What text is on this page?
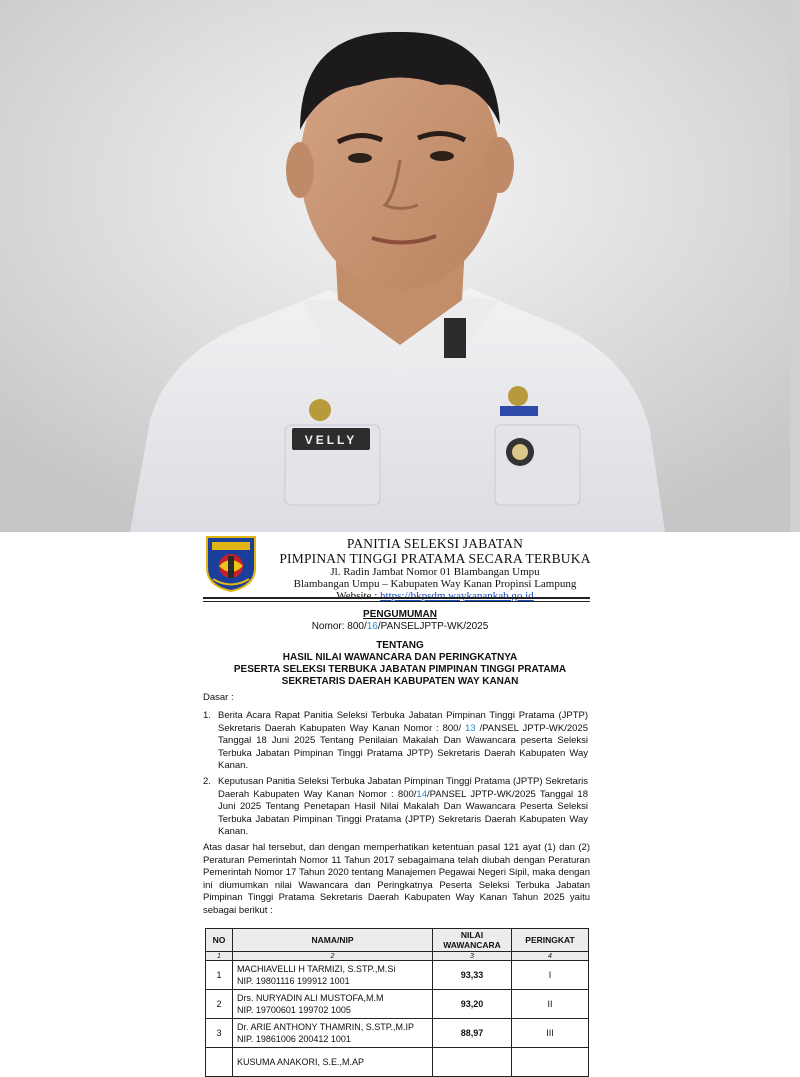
VELLY
PANITIA SELEKSI JABATAN
PIMPINAN TINGGI PRATAMA SECARA TERBUKA
Jl. Radin Jambat Nomor 01 Blambangan Umpu
Blambangan Umpu – Kabupaten Way Kanan Propinsi Lampung
Website : https://bkpsdm.waykanankab.go.id
PENGUMUMAN
Nomor: 800/16/PANSELJPTP-WK/2025
TENTANG
HASIL NILAI WAWANCARA DAN PERINGKATNYA
PESERTA SELEKSI TERBUKA JABATAN PIMPINAN TINGGI PRATAMA
SEKRETARIS DAERAH KABUPATEN WAY KANAN
Dasar :
1. Berita Acara Rapat Panitia Seleksi Terbuka Jabatan Pimpinan Tinggi Pratama (JPTP) Sekretaris Daerah Kabupaten Way Kanan Nomor : 800/ 13 /PANSEL JPTP-WK/2025 Tanggal 18 Juni 2025 Tentang Penilaian Makalah Dan Wawancara peserta Seleksi Terbuka Jabatan Pimpinan Tinggi Pratama JPTP) Sekretaris Daerah Kabupaten Way Kanan.
2. Keputusan Panitia Seleksi Terbuka Jabatan Pimpinan Tinggi Pratama (JPTP) Sekretaris Daerah Kabupaten Way Kanan Nomor : 800/14/PANSEL JPTP-WK/2025 Tanggal 18 Juni 2025 Tentang Penetapan Hasil Nilai Makalah Dan Wawancara Peserta Seleksi Terbuka Jabatan Pimpinan Tinggi Pratama (JPTP) Sekretaris Daerah Kabupaten Way Kanan.
Atas dasar hal tersebut, dan dengan memperhatikan ketentuan pasal 121 ayat (1) dan (2) Peraturan Pemerintah Nomor 11 Tahun 2017 sebagaimana telah diubah dengan Peraturan Pemerintah Nomor 17 Tahun 2020 tentang Manajemen Pegawai Negeri Sipil, maka dengan ini diumumkan nilai Wawancara dan Peringkatnya Peserta Seleksi Terbuka Jabatan Pimpinan Tinggi Pratama Sekretaris Daerah Kabupaten Way Kanan Tahun 2025 yaitu sebagai berikut :
NO	NAMA/NIP	NILAI WAWANCARA	PERINGKAT
1	2	3	4
1	MACHIAVELLI H TARMIZI, S.STP.,M.Si
NIP. 19801116 199912 1001	93,33	I
2	Drs. NURYADIN ALI MUSTOFA,M.M
NIP. 19700601 199702 1005	93,20	II
3	Dr. ARIE ANTHONY THAMRIN, S.STP.,M.IP
NIP. 19861006 200412 1001	88,97	III

	KUSUMA ANAKORI, S.E.,M.AP		
